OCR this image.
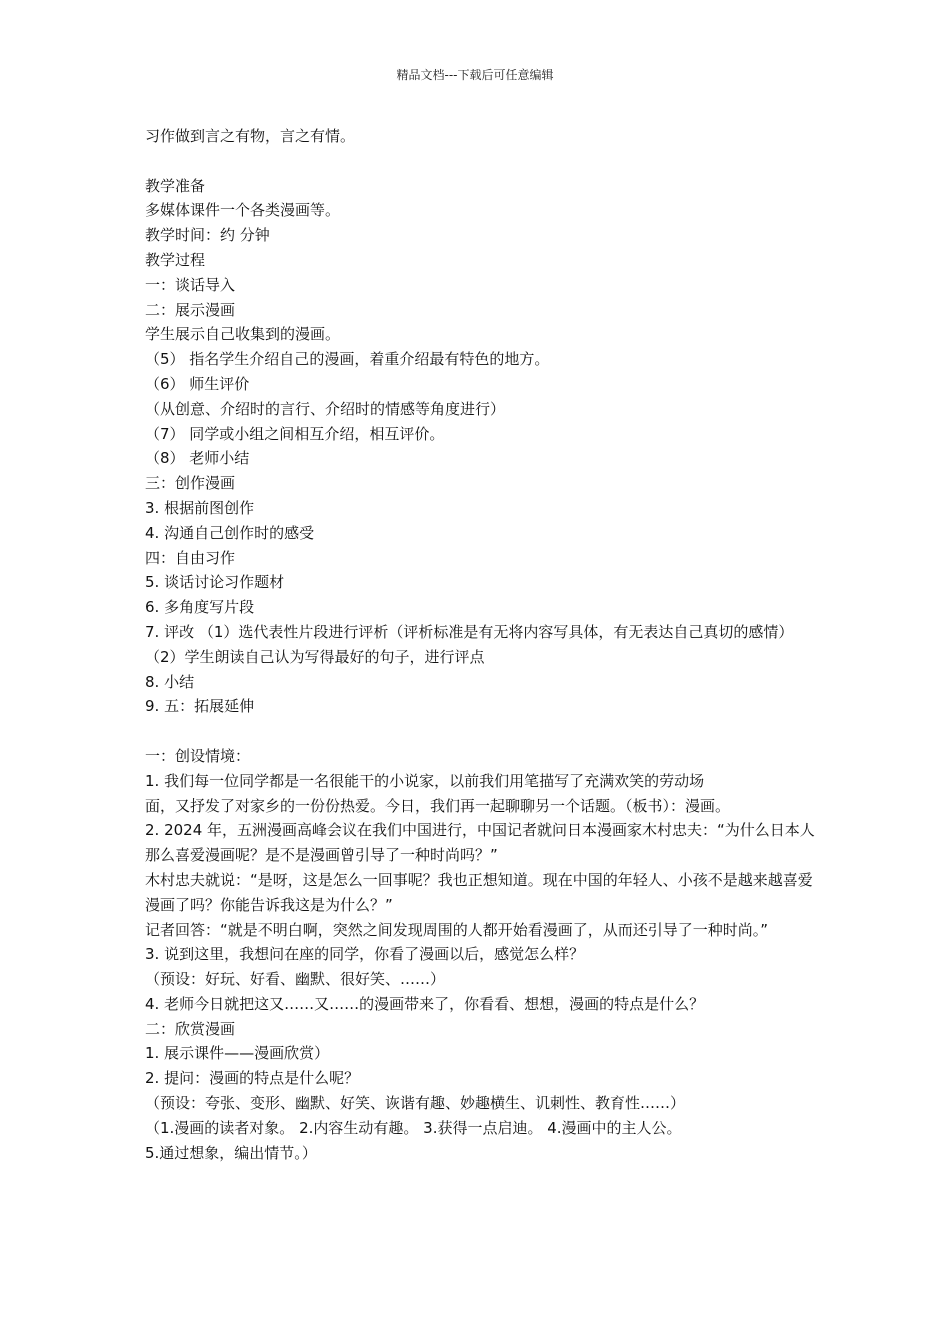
精品文档---下载后可任意编辑
习作做到言之有物，言之有情。
教学准备
多媒体课件一个各类漫画等。
教学时间：约 分钟
教学过程
一：谈话导入
二：展示漫画
学生展示自己收集到的漫画。
（5） 指名学生介绍自己的漫画，着重介绍最有特色的地方。
（6） 师生评价
（从创意、介绍时的言行、介绍时的情感等角度进行）
（7） 同学或小组之间相互介绍，相互评价。
（8） 老师小结
三：创作漫画
3. 根据前图创作
4. 沟通自己创作时的感受
四：自由习作
5. 谈话讨论习作题材
6. 多角度写片段
7. 评改 （1）选代表性片段进行评析（评析标准是有无将内容写具体，有无表达自己真切的感情）
（2）学生朗读自己认为写得最好的句子，进行评点
8. 小结
9. 五：拓展延伸
一：创设情境：
1. 我们每一位同学都是一名很能干的小说家，以前我们用笔描写了充满欢笑的劳动场
面，又抒发了对家乡的一份份热爱。今日，我们再一起聊聊另一个话题。（板书）：漫画。
2. 2024 年，五洲漫画高峰会议在我们中国进行，中国记者就问日本漫画家木村忠夫：“为什么日本人那么喜爱漫画呢？是不是漫画曾引导了一种时尚吗？”
木村忠夫就说：“是呀，这是怎么一回事呢？我也正想知道。现在中国的年轻人、小孩不是越来越喜爱漫画了吗？你能告诉我这是为什么？”
记者回答：“就是不明白啊，突然之间发现周围的人都开始看漫画了，从而还引导了一种时尚。”
3. 说到这里，我想问在座的同学，你看了漫画以后，感觉怎么样？
（预设：好玩、好看、幽默、很好笑、……）
4. 老师今日就把这又……又……的漫画带来了，你看看、想想，漫画的特点是什么？
二：欣赏漫画
1. 展示课件——漫画欣赏）
2. 提问：漫画的特点是什么呢？
（预设：夸张、变形、幽默、好笑、诙谐有趣、妙趣横生、讥刺性、教育性……）
（1.漫画的读者对象。 2.内容生动有趣。 3.获得一点启迪。 4.漫画中的主人公。
5.通过想象，编出情节。）
